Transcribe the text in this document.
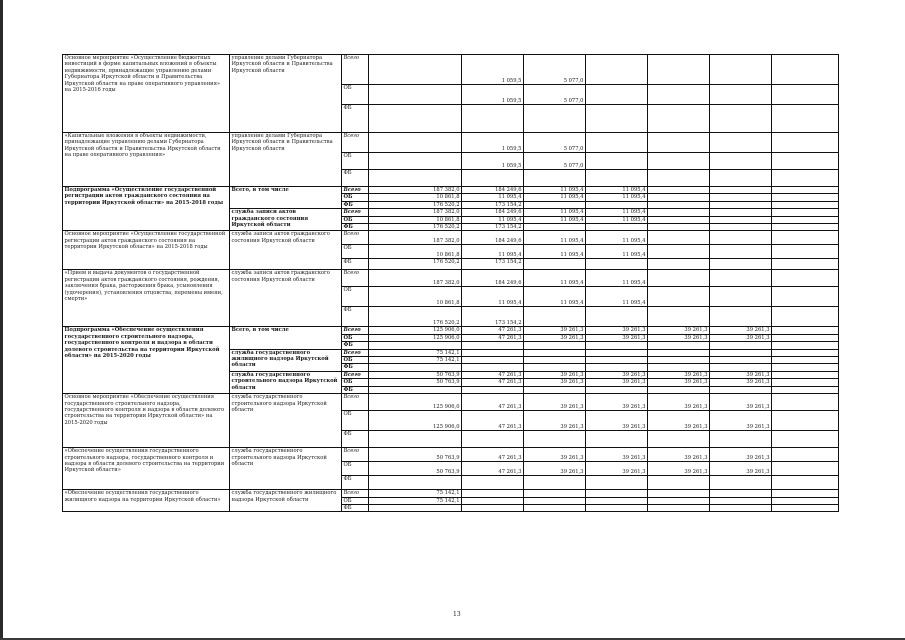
Основное мероприятие «Осуществление бюджетных инвестиций в форме капитальных вложений в объекты недвижимости, принадлежащие управлению делами Губернатора Иркутской области и Правительства Иркутской области на праве оперативного управления» на 2015-2016 годы	управление делами Губернатора Иркутской области и Правительства Иркутской области	Всего		1 059,5	5 077,0					
		ОБ		1 059,5	5 077,0					
		ФБ								
«Капитальные вложения в объекты недвижимости, принадлежащие управлению делами Губернатора Иркутской области и Правительства Иркутской области на праве оперативного управления»	управление делами Губернатора Иркутской области и Правительства Иркутской области	Всего		1 059,5	5 077,0					
		ОБ		1 059,5	5 077,0					
		ФБ								
Подпрограмма «Осуществление государственной регистрации актов гражданского состояния на территории Иркутской области» на 2015-2018 годы	Всего, в том числе	Всего	187 382,0	184 249,6	11 095,4	11 095,4				
		ОБ	10 861,8	11 095,4	11 095,4	11 095,4				
		ФБ	176 520,2	173 154,2						
	служба записи актов гражданского состояния Иркутской области	Всего	187 382,0	184 249,6	11 095,4	11 095,4				
		ОБ	10 861,8	11 095,4	11 095,4	11 095,4				
		ФБ	176 520,2	173 154,2						
Основное мероприятие «Осуществление государственной регистрации актов гражданского состояния на территории Иркутской области» на 2015-2018 годы	служба записи актов гражданского состояния Иркутской области	Всего	187 382,0	184 249,6	11 095,4	11 095,4				
		ОБ	10 861,8	11 095,4	11 095,4	11 095,4				
		ФБ	176 520,2	173 154,2						
«Прием и выдача документов о государственной регистрации актов гражданского состояния, рождения, заключения брака, расторжения брака, усыновления (удочерения), установления отцовства, перемены имени, смерти»	служба записи актов гражданского состояния Иркутской области	Всего	187 382,0	184 249,6	11 095,4	11 095,4				
		ОБ	10 861,8	11 095,4	11 095,4	11 095,4				
		ФБ	176 520,2	173 154,2						
Подпрограмма «Обеспечение осуществления государственного строительного надзора, государственного контроля и надзора в области долевого строительства на территории Иркутской области» на 2015-2020 годы	Всего, в том числе	Всего	125 906,0	47 261,3	39 261,3	39 261,3	39 261,3	39 261,3		
		ОБ	125 906,0	47 261,3	39 261,3	39 261,3	39 261,3	39 261,3		
		ФБ								
	служба государственного жилищного надзора Иркутской области	Всего	75 142,1							
		ОБ	75 142,1							
		ФБ								
	служба государственного строительного надзора Иркутской области	Всего	50 763,9	47 261,3	39 261,3	39 261,3	39 261,3	39 261,3		
		ОБ	50 763,9	47 261,3	39 261,3	39 261,3	39 261,3	39 261,3		
		ФБ								
Основное мероприятие «Обеспечение осуществления государственного строительного надзора, государственного контроля и надзора в области долевого строительства на территории Иркутской области» на 2015-2020 годы	служба государственного строительного надзора Иркутской области	Всего	125 906,0	47 261,3	39 261,3	39 261,3	39 261,3	39 261,3		
		ОБ	125 906,0	47 261,3	39 261,3	39 261,3	39 261,3	39 261,3		
		ФБ								
«Обеспечение осуществления государственного строительного надзора, государственного контроля и надзора в области долевого строительства на территории Иркутской области»	служба государственного строительного надзора Иркутской области	Всего	50 763,9	47 261,3	39 261,3	39 261,3	39 261,3	39 261,3		
		ОБ	50 763,9	47 261,3	39 261,3	39 261,3	39 261,3	39 261,3		
		ФБ								
«Обеспечение осуществления государственного жилищного надзора на территории Иркутской области»	служба государственного жилищного надзора Иркутской области	Всего	75 142,1							
		ОБ	75 142,1							
		ФБ								
13
